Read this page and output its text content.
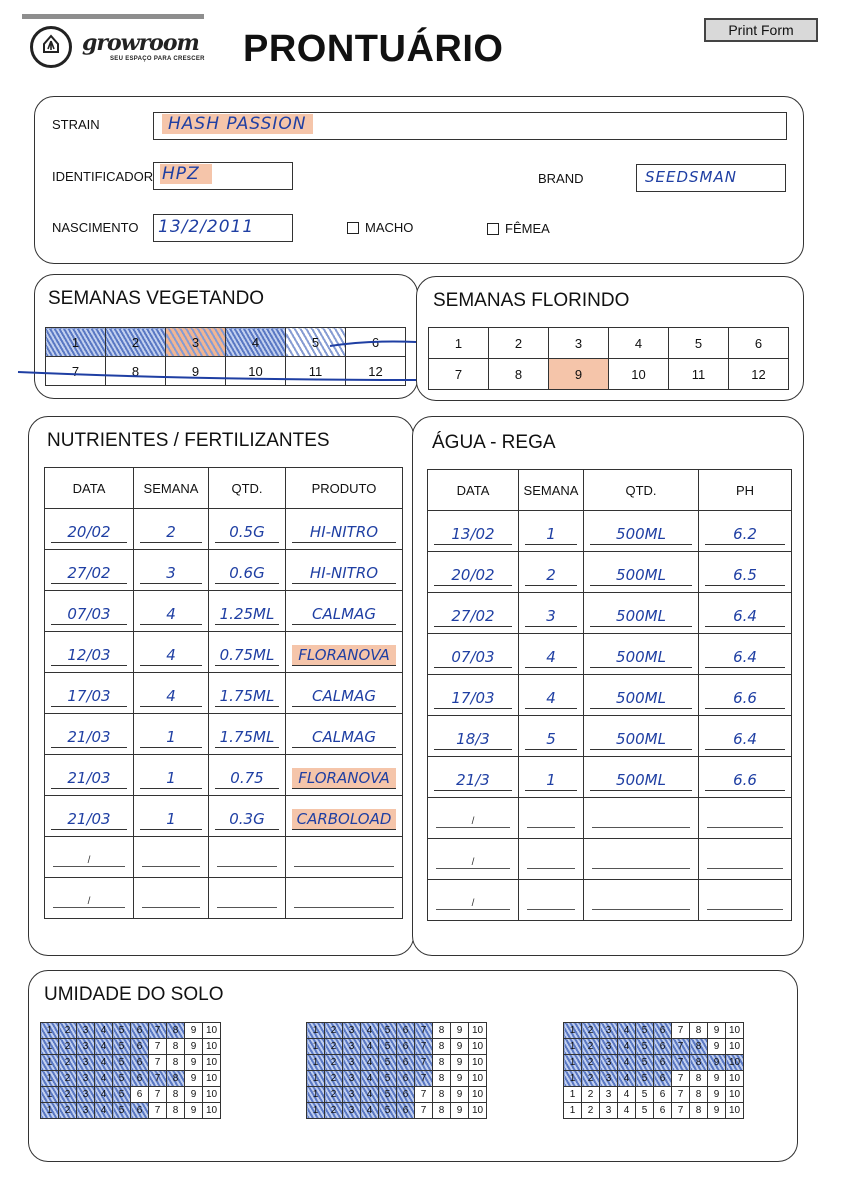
growroom
SEU ESPAÇO PARA CRESCER PRONTUÁRIO	Print Form
STRAIN	HASH PASSION
IDENTIFICADOR HPZ	BRAND	SEEDSMAN
NASCIMENTO 13/2/2011	MACHO	FÊMEA
SEMANAS VEGETANDO
1	2	3	4	5	6
7	8	9	10	11	12
SEMANAS FLORINDO
1	2	3	4	5	6
7	8	9	10	11	12
NUTRIENTES / FERTILIZANTES
DATA	SEMANA	QTD.	PRODUTO

20/02	2	0.5G	HI-NITRO

27/02	3	0.6G	HI-NITRO

07/03	4	1.25ML	CALMAG

12/03	4	0.75ML	FLORANOVA

17/03	4	1.75ML	CALMAG

21/03	1	1.75ML	CALMAG

21/03	1	0.75	FLORANOVA

21/03	1	0.3G	CARBOLOAD

/			

/			

ÁGUA - REGA
DATA	SEMANA	QTD.	PH

13/02	1	500ML	6.2

20/02	2	500ML	6.5

27/02	3	500ML	6.4

07/03	4	500ML	6.4

17/03	4	500ML	6.6

18/3	5	500ML	6.4

21/3	1	500ML	6.6

/			

/			

/			

UMIDADE DO SOLO
1	2	3	4	5	6	7	8	9	10
1	2	3	4	5	6	7	8	9	10
1	2	3	4	5	6	7	8	9	10
1	2	3	4	5	6	7	8	9	10
1	2	3	4	5	6	7	8	9	10
1	2	3	4	5	6	7	8	9	10
1	2	3	4	5	6	7	8	9	10
1	2	3	4	5	6	7	8	9	10
1	2	3	4	5	6	7	8	9	10
1	2	3	4	5	6	7	8	9	10
1	2	3	4	5	6	7	8	9	10
1	2	3	4	5	6	7	8	9	10
1	2	3	4	5	6	7	8	9	10
1	2	3	4	5	6	7	8	9	10
1	2	3	4	5	6	7	8	9	10
1	2	3	4	5	6	7	8	9	10
1	2	3	4	5	6	7	8	9	10
1	2	3	4	5	6	7	8	9	10
